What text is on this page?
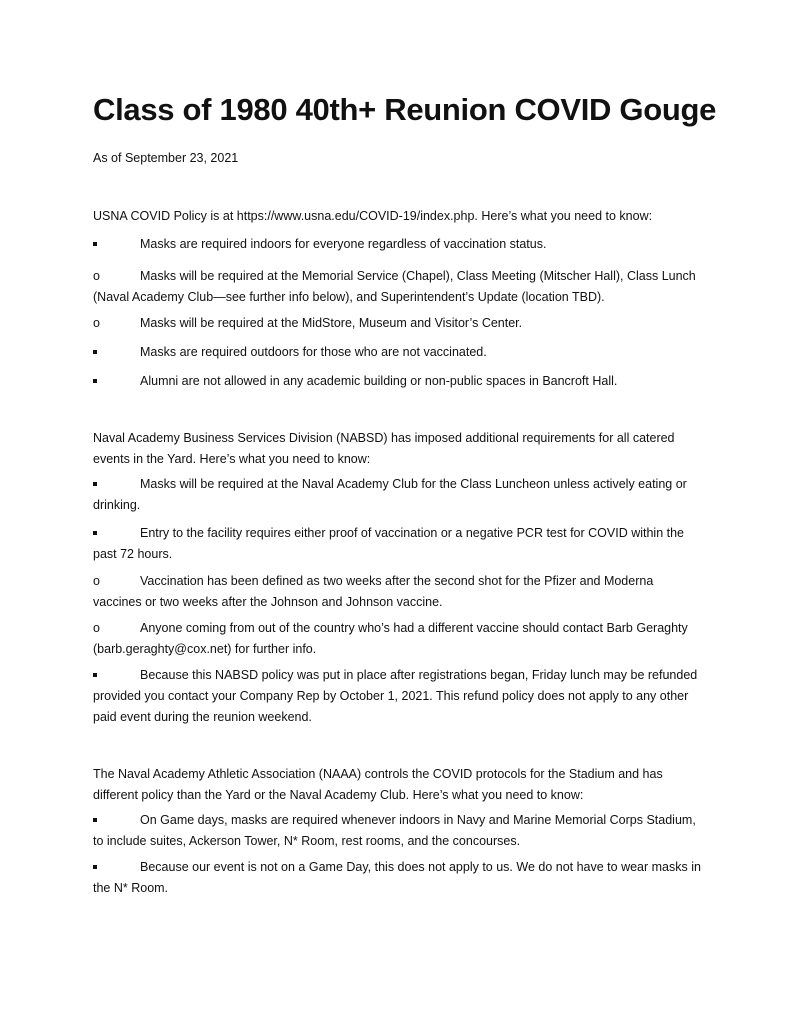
Class of 1980 40th+ Reunion COVID Gouge
As of September 23, 2021
USNA COVID Policy is at https://www.usna.edu/COVID-19/index.php. Here’s what you need to know:
Masks are required indoors for everyone regardless of vaccination status.
o	Masks will be required at the Memorial Service (Chapel), Class Meeting (Mitscher Hall), Class Lunch (Naval Academy Club—see further info below), and Superintendent’s Update (location TBD).
o	Masks will be required at the MidStore, Museum and Visitor’s Center.
Masks are required outdoors for those who are not vaccinated.
Alumni are not allowed in any academic building or non-public spaces in Bancroft Hall.
Naval Academy Business Services Division (NABSD) has imposed additional requirements for all catered events in the Yard. Here’s what you need to know:
Masks will be required at the Naval Academy Club for the Class Luncheon unless actively eating or drinking.
Entry to the facility requires either proof of vaccination or a negative PCR test for COVID within the past 72 hours.
o	Vaccination has been defined as two weeks after the second shot for the Pfizer and Moderna vaccines or two weeks after the Johnson and Johnson vaccine.
o	Anyone coming from out of the country who’s had a different vaccine should contact Barb Geraghty (barb.geraghty@cox.net) for further info.
Because this NABSD policy was put in place after registrations began, Friday lunch may be refunded provided you contact your Company Rep by October 1, 2021. This refund policy does not apply to any other paid event during the reunion weekend.
The Naval Academy Athletic Association (NAAA) controls the COVID protocols for the Stadium and has different policy than the Yard or the Naval Academy Club. Here’s what you need to know:
On Game days, masks are required whenever indoors in Navy and Marine Memorial Corps Stadium, to include suites, Ackerson Tower, N* Room, rest rooms, and the concourses.
Because our event is not on a Game Day, this does not apply to us. We do not have to wear masks in the N* Room.
